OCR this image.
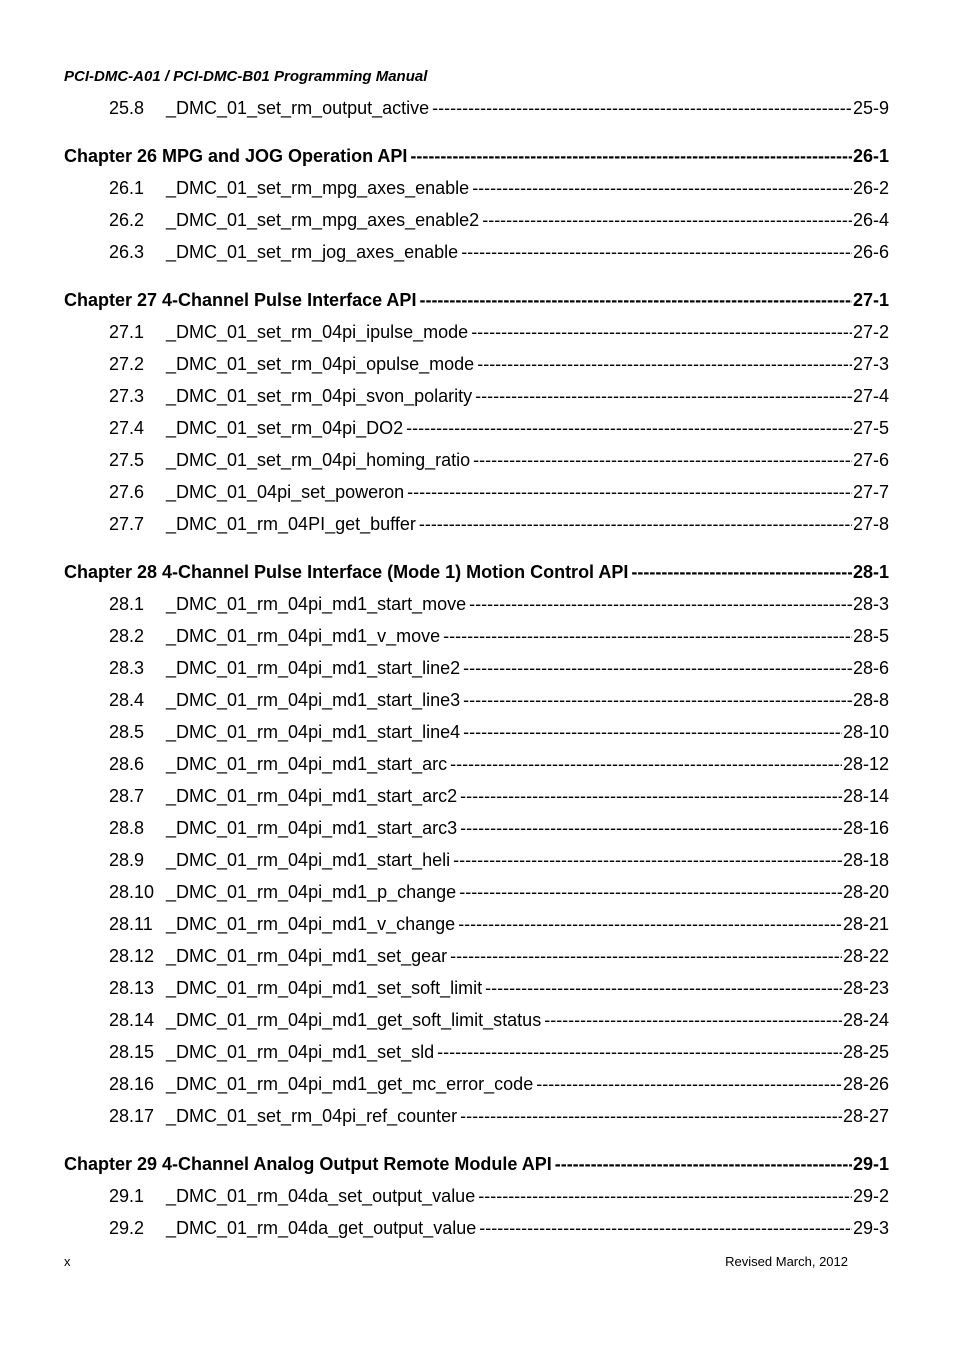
PCI-DMC-A01 / PCI-DMC-B01 Programming Manual
25.8	_DMC_01_set_rm_output_active -----	25-9
Chapter 26 MPG and JOG Operation API -----	26-1
26.1	_DMC_01_set_rm_mpg_axes_enable -----	26-2
26.2	_DMC_01_set_rm_mpg_axes_enable2 -----	26-4
26.3	_DMC_01_set_rm_jog_axes_enable -----	26-6
Chapter 27 4-Channel Pulse Interface API -----	27-1
27.1	_DMC_01_set_rm_04pi_ipulse_mode -----	27-2
27.2	_DMC_01_set_rm_04pi_opulse_mode -----	27-3
27.3	_DMC_01_set_rm_04pi_svon_polarity -----	27-4
27.4	_DMC_01_set_rm_04pi_DO2 -----	27-5
27.5	_DMC_01_set_rm_04pi_homing_ratio -----	27-6
27.6	_DMC_01_04pi_set_poweron -----	27-7
27.7	_DMC_01_rm_04PI_get_buffer -----	27-8
Chapter 28 4-Channel Pulse Interface (Mode 1) Motion Control API -----	28-1
28.1	_DMC_01_rm_04pi_md1_start_move -----	28-3
28.2	_DMC_01_rm_04pi_md1_v_move -----	28-5
28.3	_DMC_01_rm_04pi_md1_start_line2 -----	28-6
28.4	_DMC_01_rm_04pi_md1_start_line3 -----	28-8
28.5	_DMC_01_rm_04pi_md1_start_line4 -----	28-10
28.6	_DMC_01_rm_04pi_md1_start_arc -----	28-12
28.7	_DMC_01_rm_04pi_md1_start_arc2 -----	28-14
28.8	_DMC_01_rm_04pi_md1_start_arc3 -----	28-16
28.9	_DMC_01_rm_04pi_md1_start_heli -----	28-18
28.10 _DMC_01_rm_04pi_md1_p_change -----	28-20
28.11 _DMC_01_rm_04pi_md1_v_change -----	28-21
28.12 _DMC_01_rm_04pi_md1_set_gear -----	28-22
28.13 _DMC_01_rm_04pi_md1_set_soft_limit -----	28-23
28.14 _DMC_01_rm_04pi_md1_get_soft_limit_status -----	28-24
28.15 _DMC_01_rm_04pi_md1_set_sld -----	28-25
28.16 _DMC_01_rm_04pi_md1_get_mc_error_code -----	28-26
28.17 _DMC_01_set_rm_04pi_ref_counter -----	28-27
Chapter 29 4-Channel Analog Output Remote Module API -----	29-1
29.1	_DMC_01_rm_04da_set_output_value -----	29-2
29.2	_DMC_01_rm_04da_get_output_value -----	29-3
x	Revised March, 2012
